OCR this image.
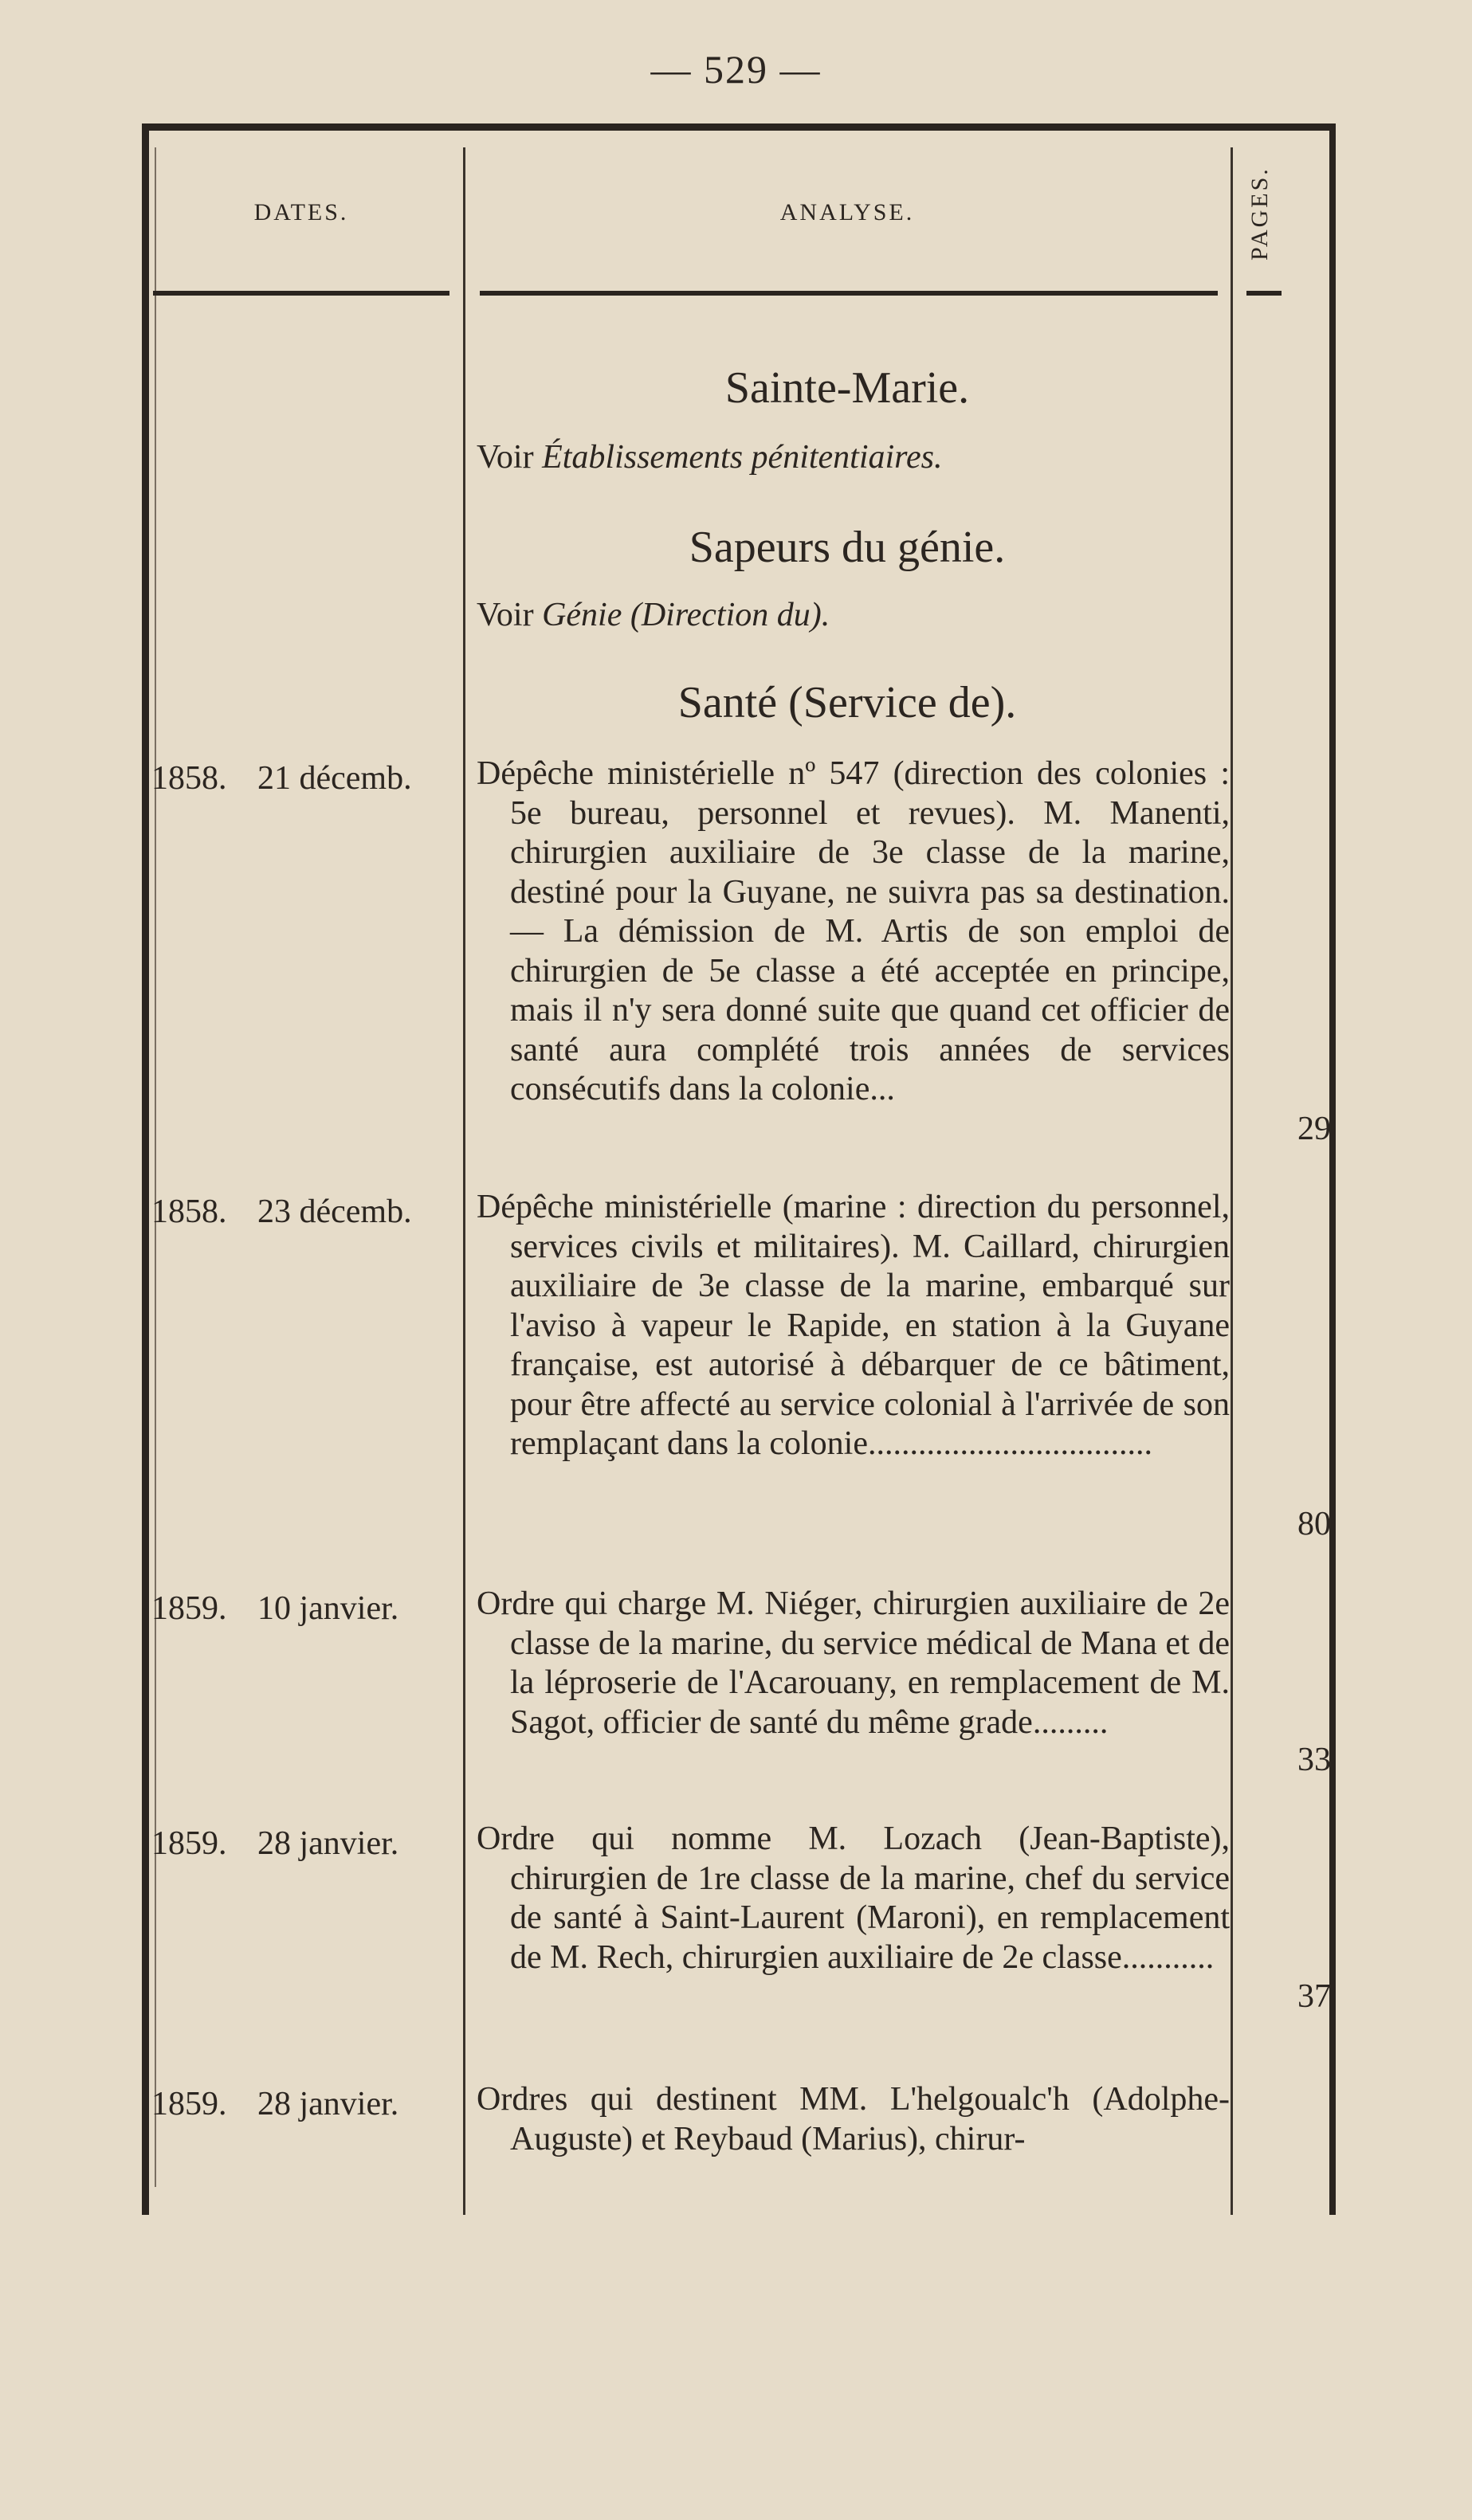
— 529 —
DATES.	ANALYSE.	PAGES.
Sainte-Marie.
Voir Établissements pénitentiaires.
Sapeurs du génie.
Voir Génie (Direction du).
Santé (Service de).
1858. 21 décemb. Dépêche ministérielle nº 547 (direction des colonies : 5e bureau, personnel et revues). M. Manenti, chirurgien auxiliaire de 3e classe de la marine, destiné pour la Guyane, ne suivra pas sa destination. — La démission de M. Artis de son emploi de chirurgien de 5e classe a été acceptée en principe, mais il n'y sera donné suite que quand cet officier de santé aura complété trois années de services consécutifs dans la colonie...

29
1858. 23 décemb. Dépêche ministérielle (marine : direction du personnel, services civils et militaires). M. Caillard, chirurgien auxiliaire de 3e classe de la marine, embarqué sur l'aviso à vapeur le Rapide, en station à la Guyane française, est autorisé à débarquer de ce bâtiment, pour être affecté au service colonial à l'arrivée de son remplaçant dans la colonie..................................

80
1859. 10 janvier. Ordre qui charge M. Niéger, chirurgien auxiliaire de 2e classe de la marine, du service médical de Mana et de la léproserie de l'Acarouany, en remplacement de M. Sagot, officier de santé du même grade.........

33
1859. 28 janvier. Ordre qui nomme M. Lozach (Jean-Baptiste), chirurgien de 1re classe de la marine, chef du service de santé à Saint-Laurent (Maroni), en remplacement de M. Rech, chirurgien auxiliaire de 2e classe...........

37
1859. 28 janvier. Ordres qui destinent MM. L'helgoualc'h (Adolphe-Auguste) et Reybaud (Marius), chirur-
